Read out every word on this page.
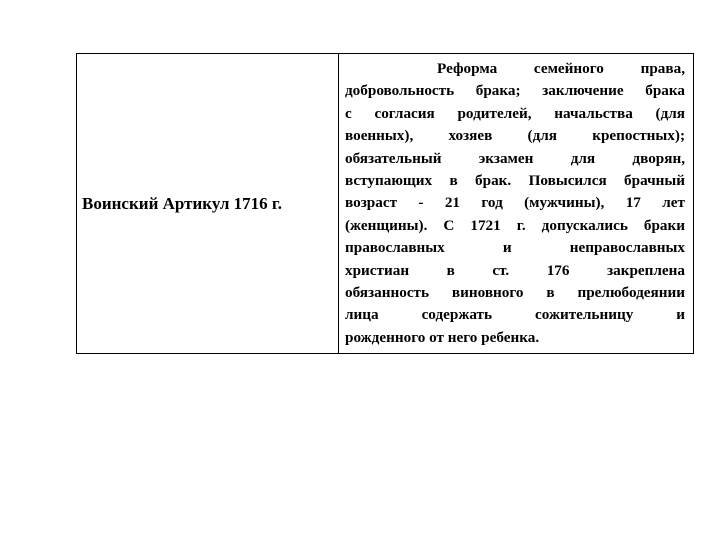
Воинский Артикул 1716 г.
Реформа семейного права,
добровольность брака; заключение брака
с согласия родителей, начальства (для
военных), хозяев (для крепостных);
обязательный экзамен для дворян,
вступающих в брак. Повысился брачный
возраст - 21 год (мужчины), 17 лет
(женщины). С 1721 г. допускались браки
православных и неправославных
христиан в ст. 176 закреплена
обязанность виновного в прелюбодеянии
лица содержать сожительницу и
рожденного от него ребенка.
